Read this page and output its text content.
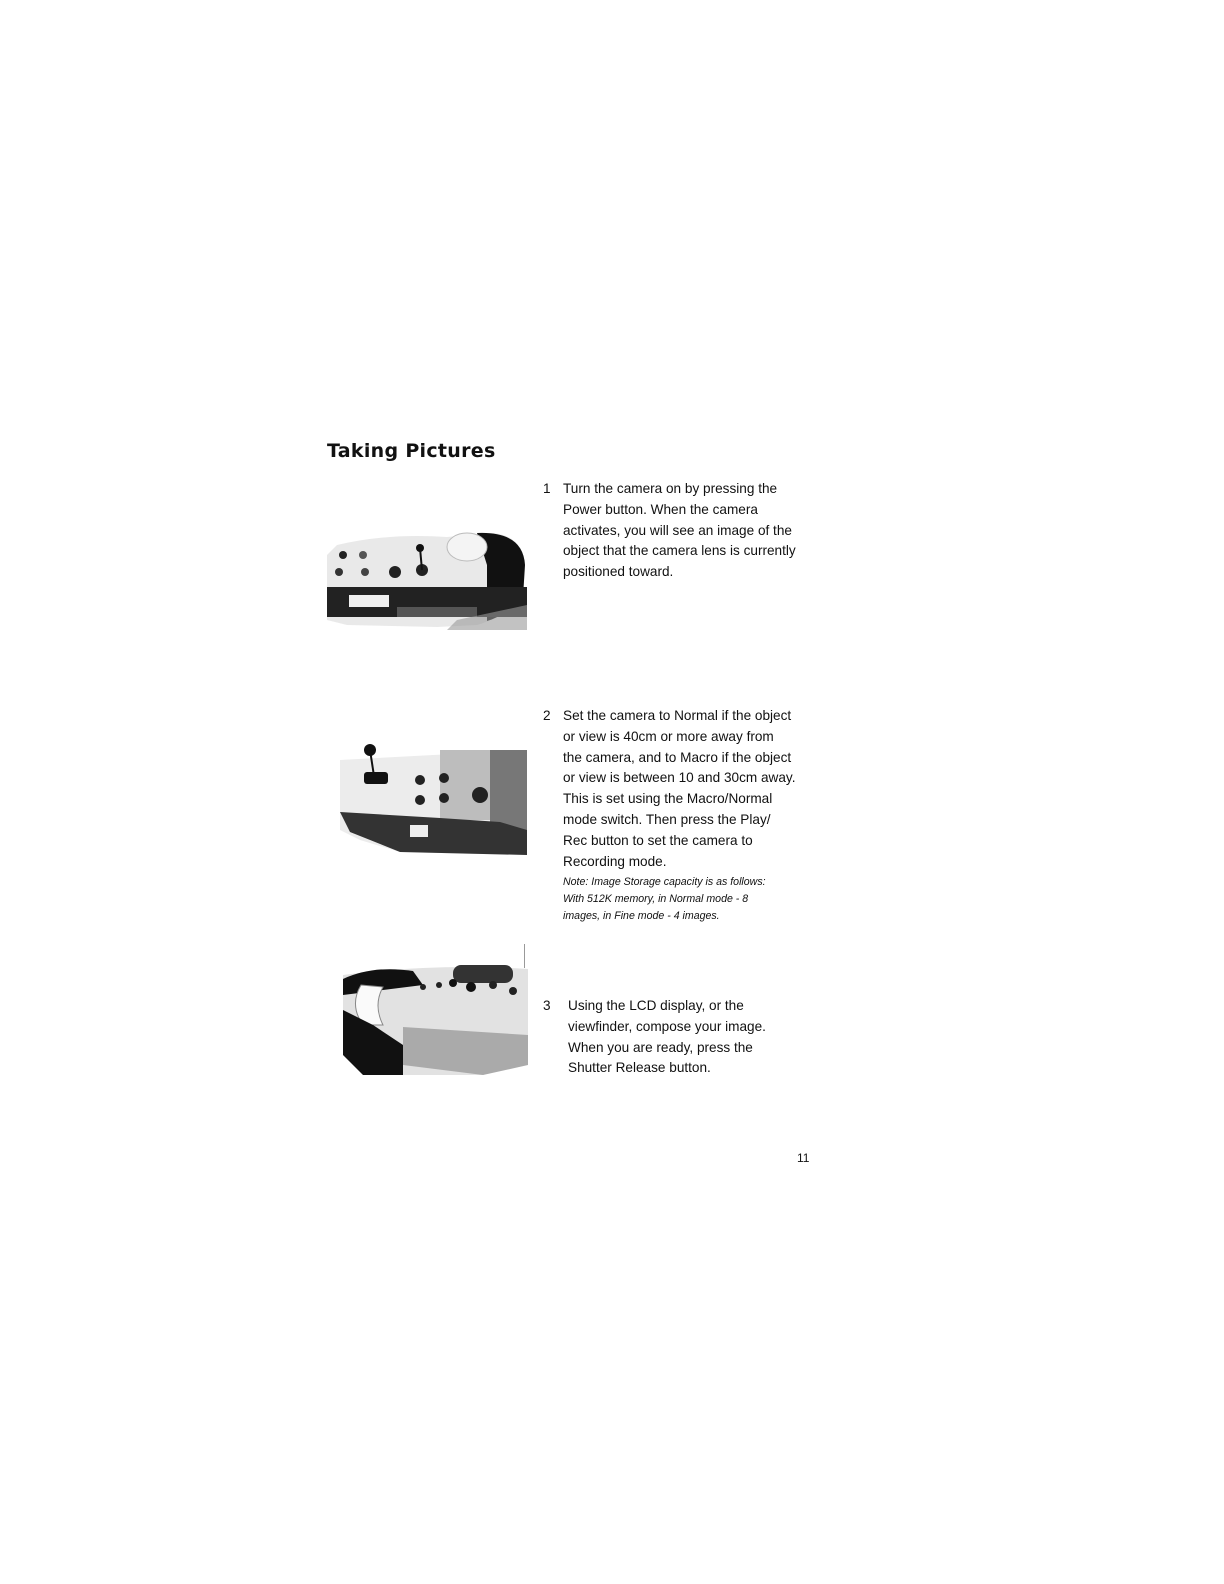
Taking Pictures
1 Turn the camera on by pressing the
Power button. When the camera
activates, you will see an image of the
object that the camera lens is currently
positioned toward.
2 Set the camera to Normal if the object
or view is 40cm or more away from
the camera, and to Macro if the object
or view is between 10 and 30cm away.
This is set using the Macro/Normal
mode switch. Then press the Play/
Rec button to set the camera to
Recording mode.
Note: Image Storage capacity is as follows:
With 512K memory, in Normal mode - 8
images, in Fine mode - 4 images.
3 Using the LCD display, or the
viewfinder, compose your image.
When you are ready, press the
Shutter Release button.
11
